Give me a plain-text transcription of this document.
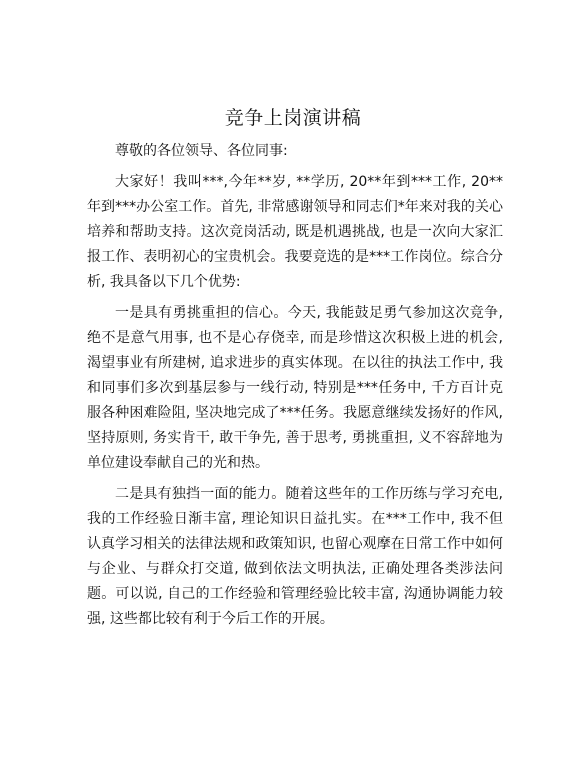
竞争上岗演讲稿

尊敬的各位领导、各位同事:

大家好！我叫***,今年**岁, **学历, 20**年到***工作, 20**年到***办公室工作。首先, 非常感谢领导和同志们*年来对我的关心培养和帮助支持。这次竞岗活动, 既是机遇挑战, 也是一次向大家汇报工作、表明初心的宝贵机会。我要竞选的是***工作岗位。综合分析, 我具备以下几个优势:

一是具有勇挑重担的信心。今天, 我能鼓足勇气参加这次竞争, 绝不是意气用事, 也不是心存侥幸, 而是珍惜这次积极上进的机会, 渴望事业有所建树, 追求进步的真实体现。在以往的执法工作中, 我和同事们多次到基层参与一线行动, 特别是***任务中, 千方百计克服各种困难险阻, 坚决地完成了***任务。我愿意继续发扬好的作风, 坚持原则, 务实肯干, 敢干争先, 善于思考, 勇挑重担, 义不容辞地为单位建设奉献自己的光和热。

二是具有独挡一面的能力。随着这些年的工作历练与学习充电, 我的工作经验日渐丰富, 理论知识日益扎实。在***工作中, 我不但认真学习相关的法律法规和政策知识, 也留心观摩在日常工作中如何与企业、与群众打交道, 做到依法文明执法, 正确处理各类涉法问题。可以说, 自己的工作经验和管理经验比较丰富, 沟通协调能力较强, 这些都比较有利于今后工作的开展。
